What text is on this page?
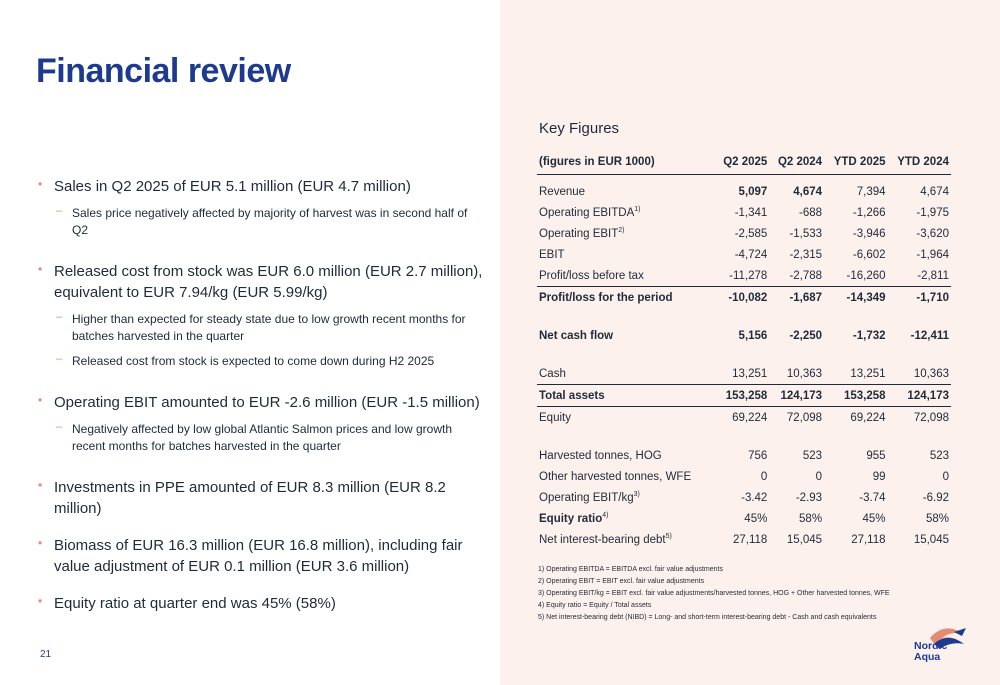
Financial review
• Sales in Q2 2025 of EUR 5.1 million (EUR 4.7 million)
– Sales price negatively affected by majority of harvest was in second half of Q2
• Released cost from stock was EUR 6.0 million (EUR 2.7 million), equivalent to EUR 7.94/kg (EUR 5.99/kg)
– Higher than expected for steady state due to low growth recent months for batches harvested in the quarter
– Released cost from stock is expected to come down during H2 2025
• Operating EBIT amounted to EUR -2.6 million (EUR -1.5 million)
– Negatively affected by low global Atlantic Salmon prices and low growth recent months for batches harvested in the quarter
• Investments in PPE amounted of EUR 8.3 million (EUR 8.2 million)
• Biomass of EUR 16.3 million (EUR 16.8 million), including fair value adjustment of EUR 0.1 million (EUR 3.6 million)
• Equity ratio at quarter end was 45% (58%)
21
Key Figures
(figures in EUR 1000)	Q2 2025	Q2 2024	YTD 2025	YTD 2024

Revenue	5,097	4,674	7,394	4,674
Operating EBITDA$^{1)}$	-1,341	-688	-1,266	-1,975
Operating EBIT$^{2)}$	-2,585	-1,533	-3,946	-3,620
EBIT	-4,724	-2,315	-6,602	-1,964
Profit/loss before tax	-11,278	-2,788	-16,260	-2,811
Profit/loss for the period	-10,082	-1,687	-14,349	-1,710

Net cash flow	5,156	-2,250	-1,732	-12,411

Cash	13,251	10,363	13,251	10,363
Total assets	153,258	124,173	153,258	124,173
Equity	69,224	72,098	69,224	72,098

Harvested tonnes, HOG	756	523	955	523
Other harvested tonnes, WFE	0	0	99	0
Operating EBIT/$kg^{3)}$	-3.42	-2.93	-3.74	-6.92
Equity ratio$^{4)}$	45%	58%	45%	58%
Net interest-bearing debt$^{5)}$	27,118	15,045	27,118	15,045
1) Operating EBITDA = EBITDA excl. fair value adjustments
2) Operating EBIT = EBIT excl. fair value adjustments
3) Operating EBIT/kg = EBIT excl. fair value adjustments/harvested tonnes, HOG + Other harvested tonnes, WFE
4) Equity ratio = Equity / Total assets
5) Net interest-bearing debt (NIBD) = Long- and short-term interest-bearing debt - Cash and cash equivalents
Nordic
Aqua
